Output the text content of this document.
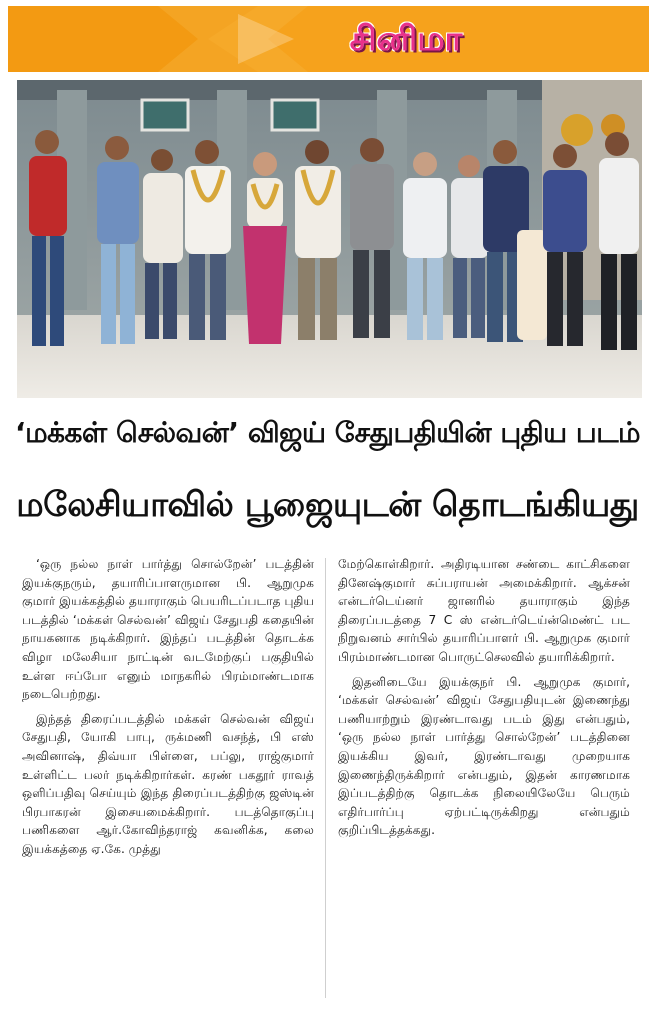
சினிமா
‘மக்கள் செல்வன்’ விஜய் சேதுபதியின் புதிய படம்
மலேசியாவில் பூஜையுடன் தொடங்கியது

‘ஒரு நல்ல நாள் பார்த்து சொல்றேன்’ படத்தின் இயக்குநரும், தயாரிப்பாளருமான பி. ஆறுமுக குமார் இயக்கத்தில் தயாராகும் பெயரிடப்படாத புதிய படத்தில் ‘மக்கள் செல்வன்’ விஜய் சேதுபதி கதையின் நாயகனாக நடிக்கிறார். இந்தப் படத்தின் தொடக்க விழா மலேசியா நாட்டின் வடமேற்குப் பகுதியில் உள்ள ஈப்போ எனும் மாநகரில் பிரம்மாண்டமாக நடைபெற்றது.

இந்தத் திரைப்படத்தில் மக்கள் செல்வன் விஜய் சேதுபதி, யோகி பாபு, ருக்மணி வசந்த், பி எஸ் அவினாஷ், திவ்யா பிள்ளை, பப்லு, ராஜ்குமார் உள்ளிட்ட பலர் நடிக்கிறார்கள். கரண் பகதூர் ராவத் ஒளிப்பதிவு செய்யும் இந்த திரைப்படத்திற்கு ஜஸ்டின் பிரபாகரன் இசையமைக்கிறார். படத்தொகுப்பு பணிகளை ஆர்.கோவிந்தராஜ் கவனிக்க, கலை இயக்கத்தை ஏ.கே. முத்து

மேற்கொள்கிறார். அதிரடியான சண்டை காட்சிகளை தினேஷ்குமார் சுப்பராயன் அமைக்கிறார். ஆக்சன் என்டர்டெய்னர் ஜானரில் தயாராகும் இந்த திரைப்படத்தை 7 C ஸ் என்டர்டெய்ன்மெண்ட் பட நிறுவனம் சார்பில் தயாரிப்பாளர் பி. ஆறுமுக குமார் பிரம்மாண்டமான பொருட்செலவில் தயாரிக்கிறார்.

இதனிடையே இயக்குநர் பி. ஆறுமுக குமார், ‘மக்கள் செல்வன்’ விஜய் சேதுபதியுடன் இணைந்து பணியாற்றும் இரண்டாவது படம் இது என்பதும், ‘ஒரு நல்ல நாள் பார்த்து சொல்றேன்’ படத்தினை இயக்கிய இவர், இரண்டாவது முறையாக இணைந்திருக்கிறார் என்பதும், இதன் காரணமாக இப்படத்திற்கு தொடக்க நிலையிலேயே பெரும் எதிர்பார்ப்பு ஏற்பட்டிருக்கிறது என்பதும் குறிப்பிடத்தக்கது.
